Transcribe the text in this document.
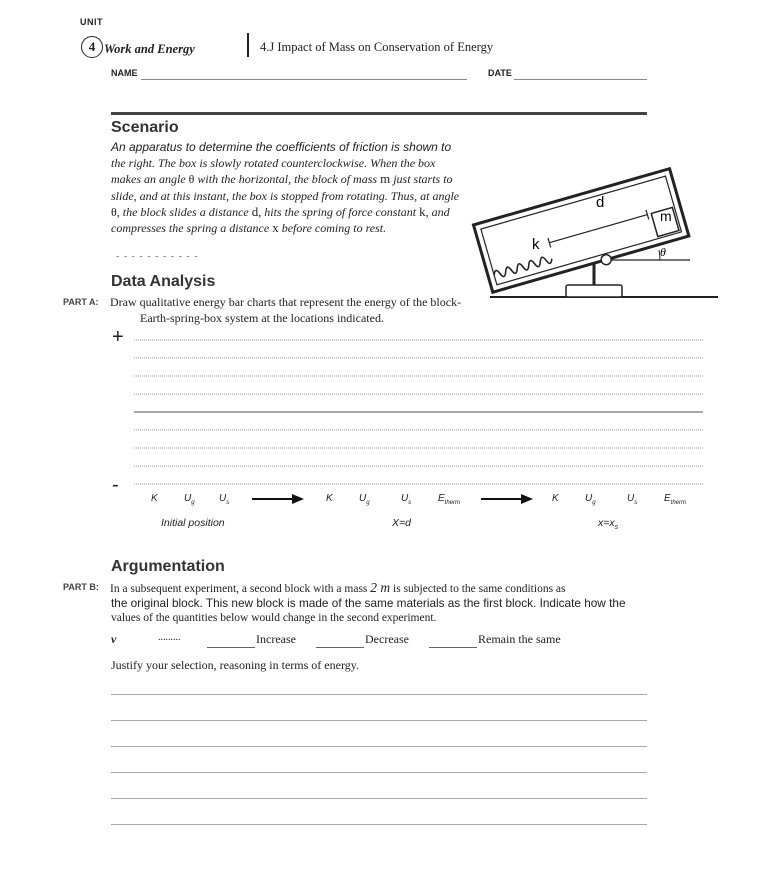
UNIT
4 Work and Energy	4.J Impact of Mass on Conservation of Energy
NAME	DATE
Scenario
An apparatus to determine the coefficients of friction is shown to
the right. The box is slowly rotated counterclockwise. When the box
makes an angle θ with the horizontal, the block of mass m just starts to
slide, and at this instant, the box is stopped from rotating. Thus, at angle
θ, the block slides a distance d, hits the spring of force constant k, and
compresses the spring a distance x before coming to rest.
- - - - - - - - - - -
k
d
m
θ
Data Analysis
PART A: Draw qualitative energy bar charts that represent the energy of the block-
Earth-spring-box system at the locations indicated.
+
-
K	$U_g$ $U_s$
Initial position
K	$U_g$	$U_s$	$E_{therm}$
X=d
K	$U_g$	$U_s$	$E_{therm}$
$x=x_s$
Argumentation
PART B: In a subsequent experiment, a second block with a mass 2 m is subjected to the same conditions as
the original block. This new block is made of the same materials as the first block. Indicate how the
values of the quantities below would change in the second experiment.
v	.........	Increase	Decrease	Remain the same
Justify your selection, reasoning in terms of energy.
